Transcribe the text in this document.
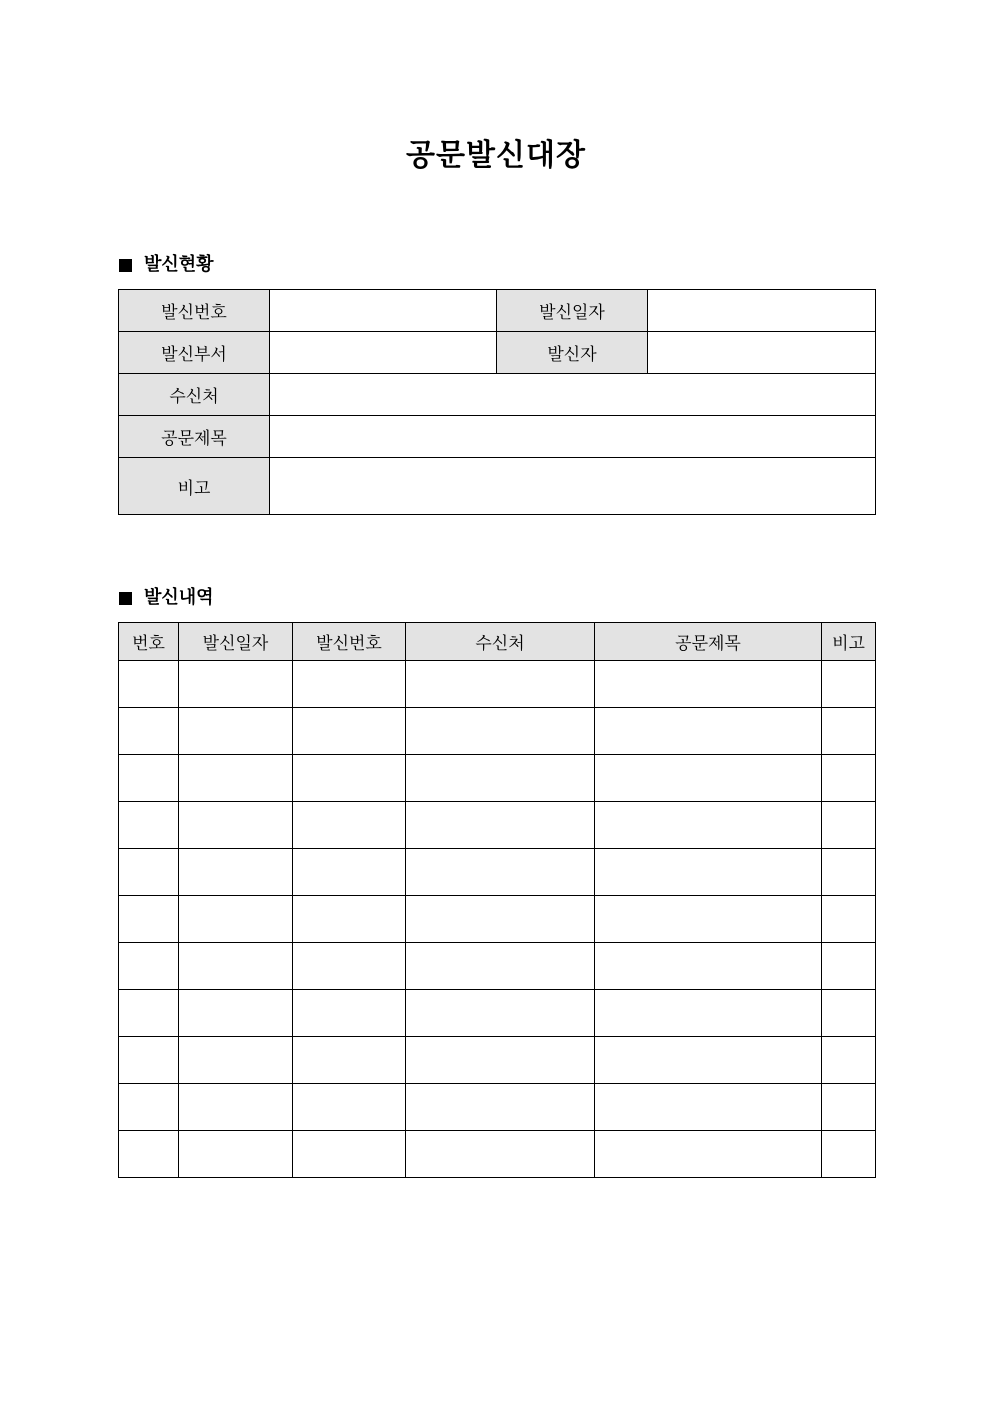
공문발신대장
발신현황
발신번호		발신일자	
발신부서		발신자	
수신처			
공문제목			
비고			
발신내역
번호	발신일자	발신번호	수신처	공문제목	비고
